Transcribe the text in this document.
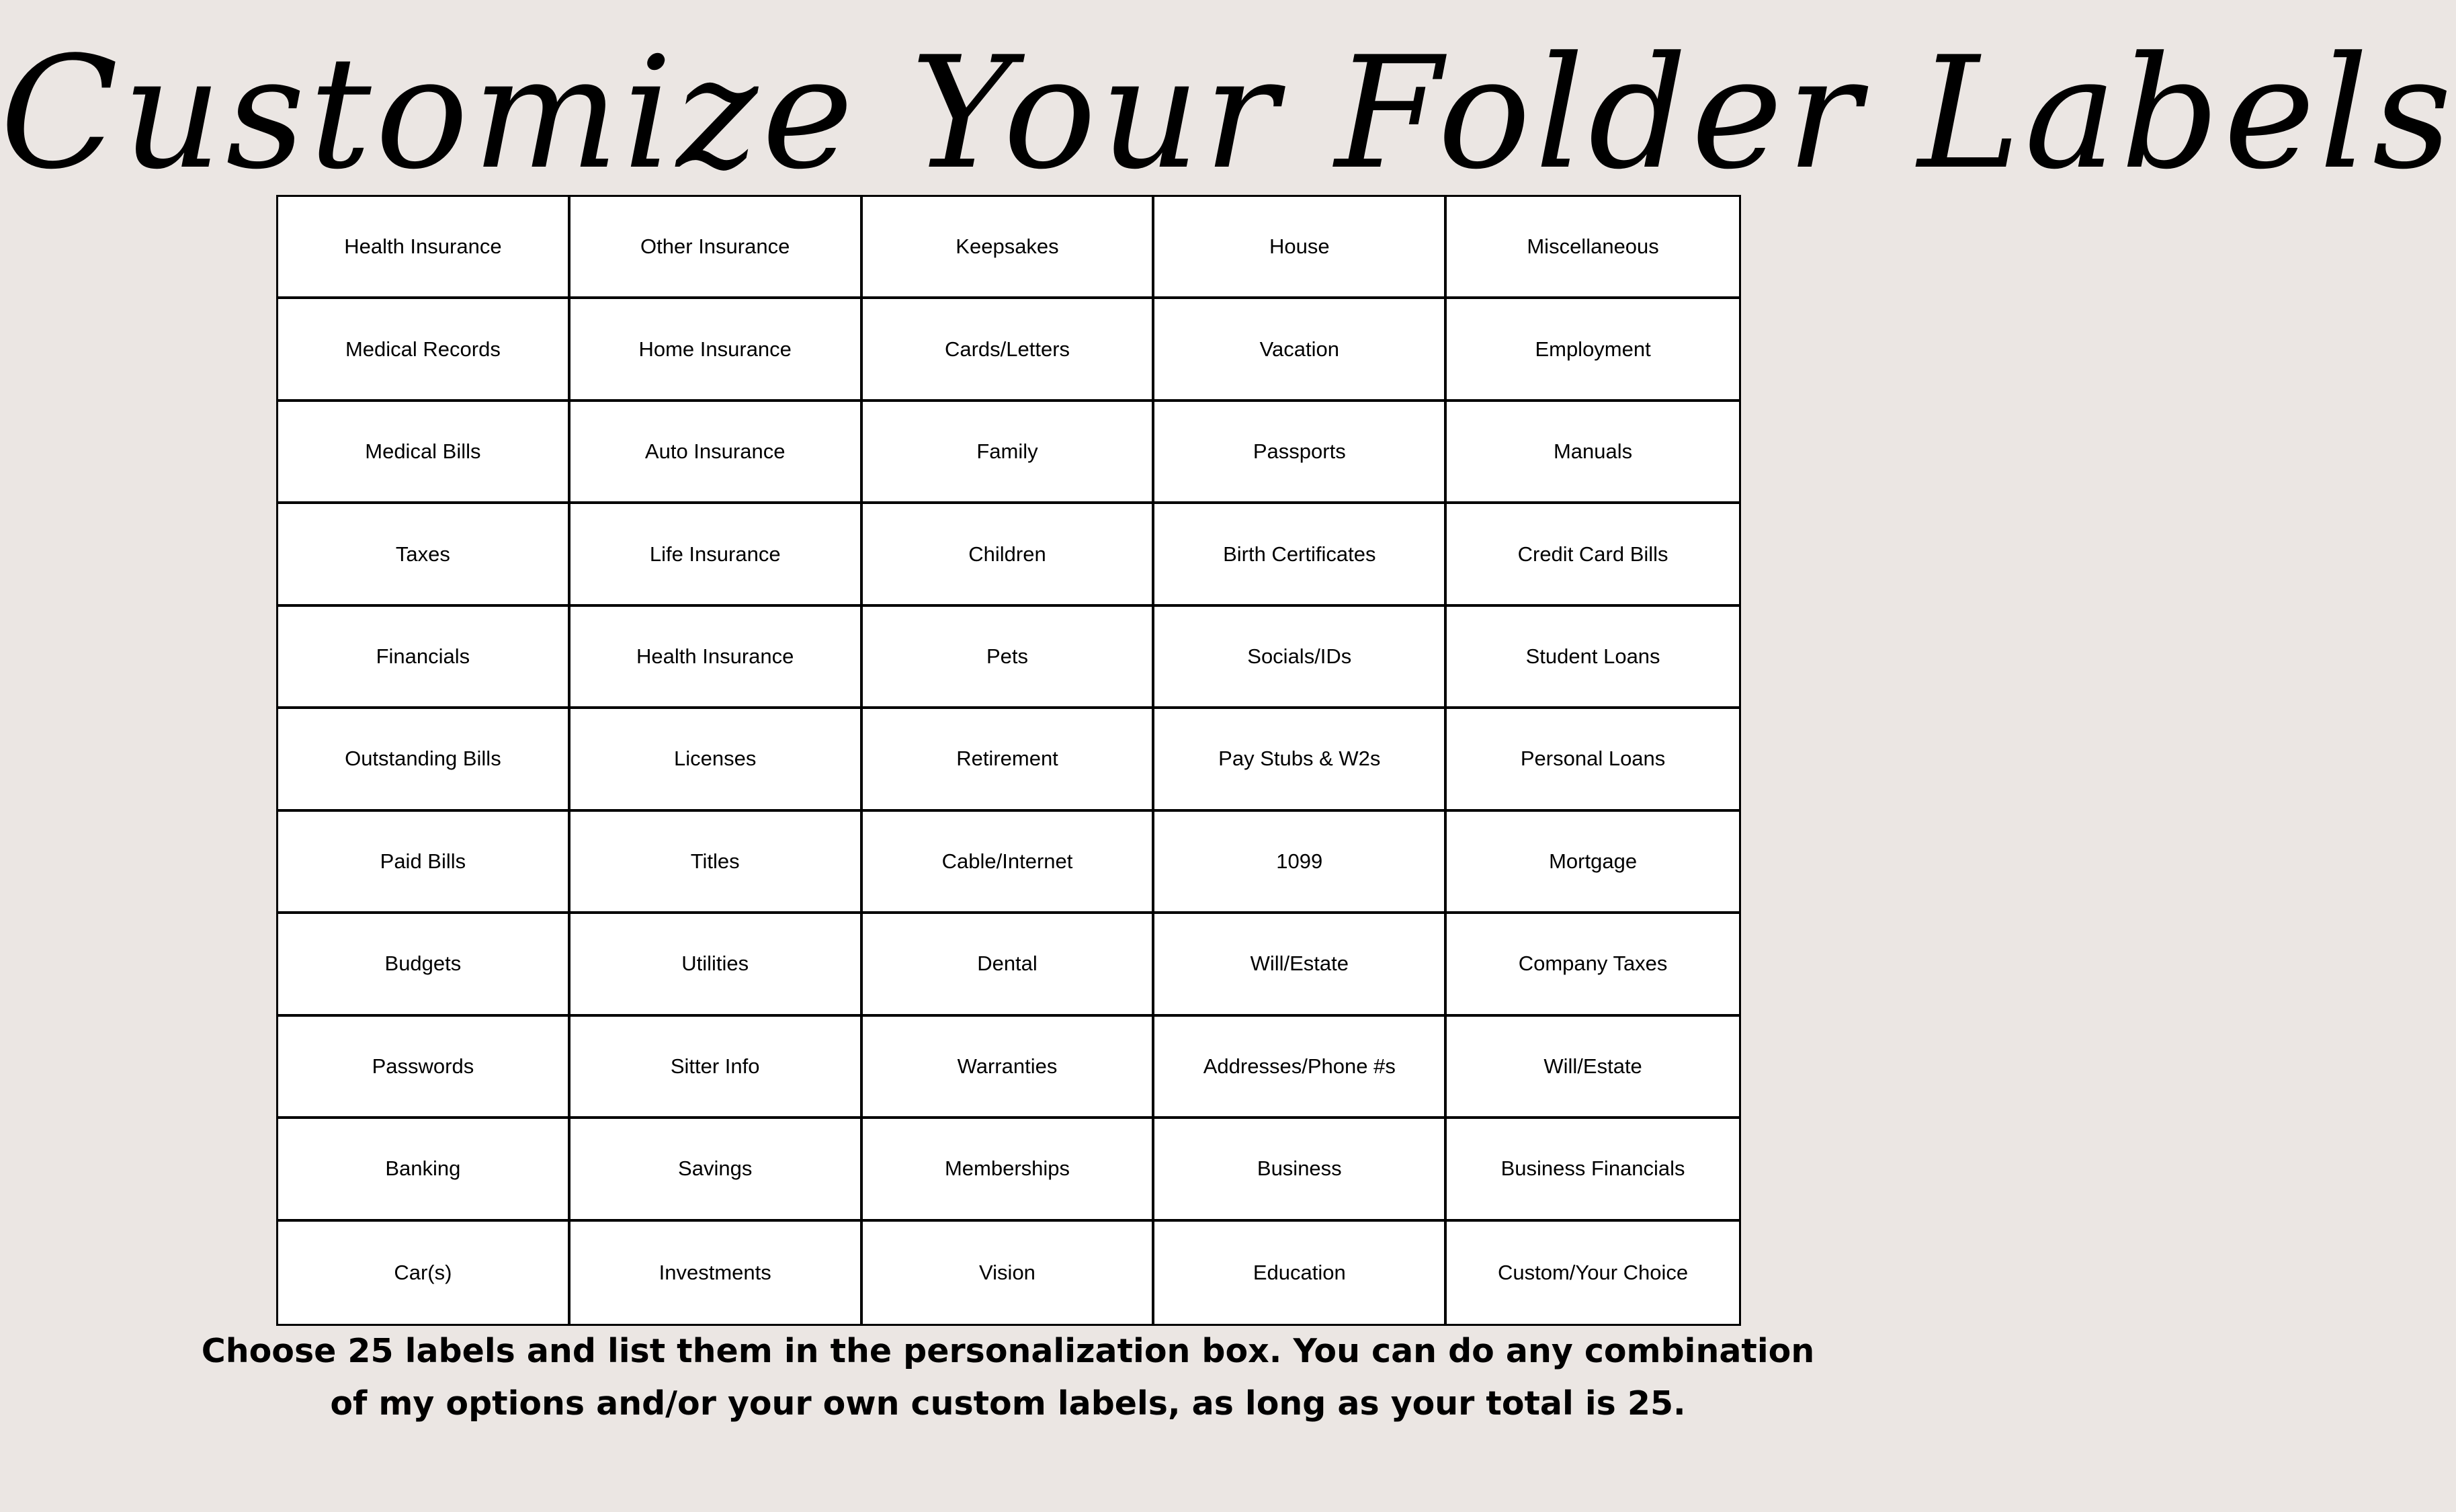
Customize Your Folder Labels
Health Insurance	Other Insurance	Keepsakes	House	Miscellaneous
Medical Records	Home Insurance	Cards/Letters	Vacation	Employment
Medical Bills	Auto Insurance	Family	Passports	Manuals
Taxes	Life Insurance	Children	Birth Certificates	Credit Card Bills
Financials	Health Insurance	Pets	Socials/IDs	Student Loans
Outstanding Bills	Licenses	Retirement	Pay Stubs & W2s	Personal Loans
Paid Bills	Titles	Cable/Internet	1099	Mortgage
Budgets	Utilities	Dental	Will/Estate	Company Taxes
Passwords	Sitter Info	Warranties	Addresses/Phone #s	Will/Estate
Banking	Savings	Memberships	Business	Business Financials
Car(s)	Investments	Vision	Education	Custom/Your Choice
Choose 25 labels and list them in the personalization box. You can do any combination
of my options and/or your own custom labels, as long as your total is 25.
